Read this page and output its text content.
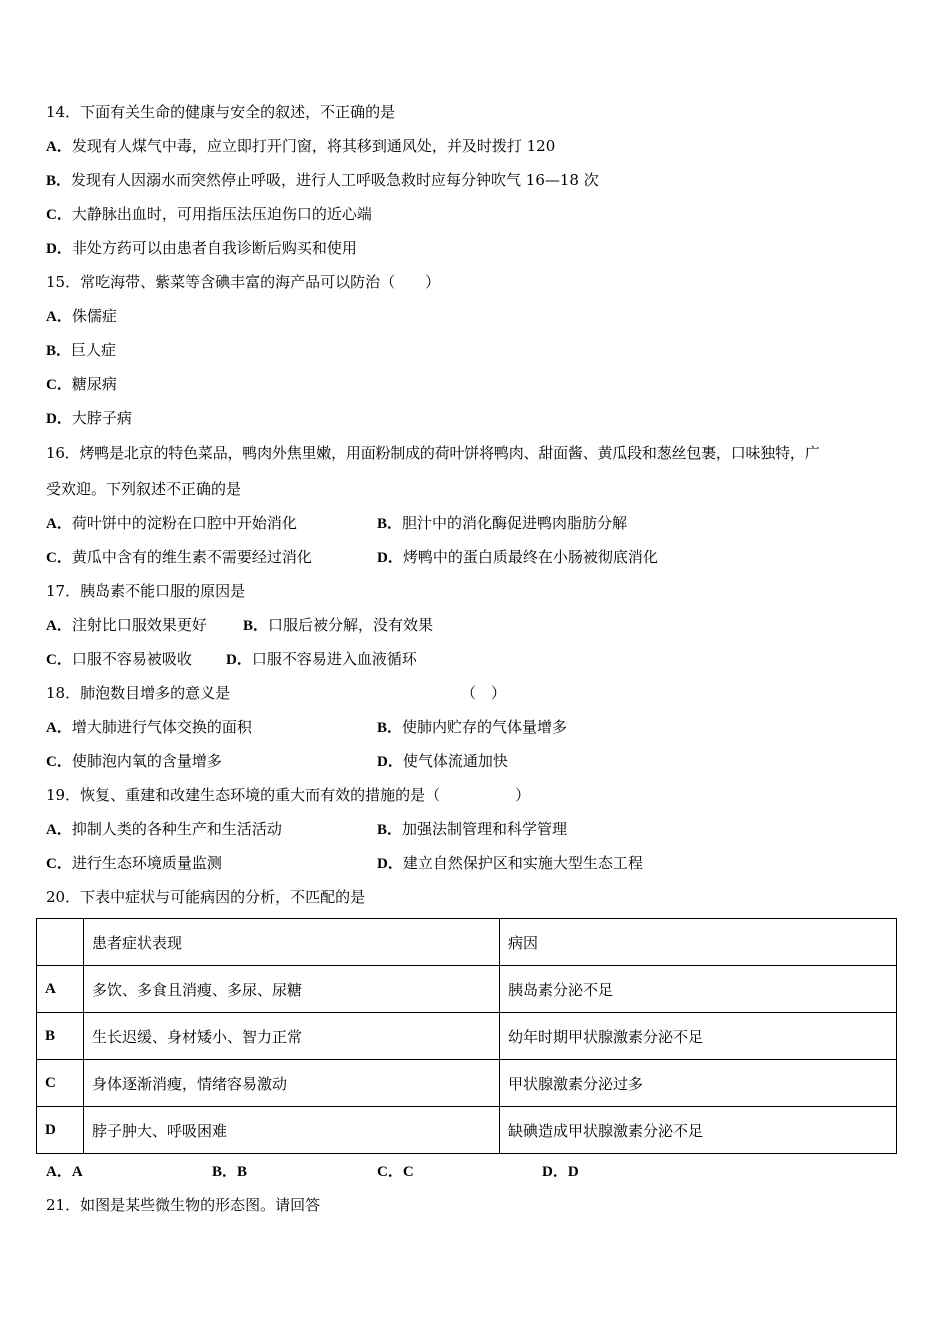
14．下面有关生命的健康与安全的叙述，不正确的是
A．发现有人煤气中毒，应立即打开门窗，将其移到通风处，并及时拨打 120
B．发现有人因溺水而突然停止呼吸，进行人工呼吸急救时应每分钟吹气 16—18 次
C．大静脉出血时，可用指压法压迫伤口的近心端
D．非处方药可以由患者自我诊断后购买和使用
15．常吃海带、紫菜等含碘丰富的海产品可以防治（　　）
A．侏儒症
B．巨人症
C．糖尿病
D．大脖子病
16．烤鸭是北京的特色菜品，鸭肉外焦里嫩，用面粉制成的荷叶饼将鸭肉、甜面酱、黄瓜段和葱丝包裹，口味独特，广
受欢迎。下列叙述不正确的是
A．荷叶饼中的淀粉在口腔中开始消化	B．胆汁中的消化酶促进鸭肉脂肪分解
C．黄瓜中含有的维生素不需要经过消化	D．烤鸭中的蛋白质最终在小肠被彻底消化
17．胰岛素不能口服的原因是
A．注射比口服效果更好 B．口服后被分解，没有效果
C．口服不容易被吸收 D．口服不容易进入血液循环
18．肺泡数目增多的意义是	（　）
A．增大肺进行气体交换的面积	B．使肺内贮存的气体量增多
C．使肺泡内氧的含量增多	D．使气体流通加快
19．恢复、重建和改建生态环境的重大而有效的措施的是（　　　　　）
A．抑制人类的各种生产和生活活动	B．加强法制管理和科学管理
C．进行生态环境质量监测	D．建立自然保护区和实施大型生态工程
20．下表中症状与可能病因的分析，不匹配的是
	患者症状表现	病因
A	多饮、多食且消瘦、多尿、尿糖	胰岛素分泌不足
B	生长迟缓、身材矮小、智力正常	幼年时期甲状腺激素分泌不足
C	身体逐渐消瘦，情绪容易激动	甲状腺激素分泌过多
D	脖子肿大、呼吸困难	缺碘造成甲状腺激素分泌不足
A．A	B．B	C．C	D．D
21．如图是某些微生物的形态图。请回答
